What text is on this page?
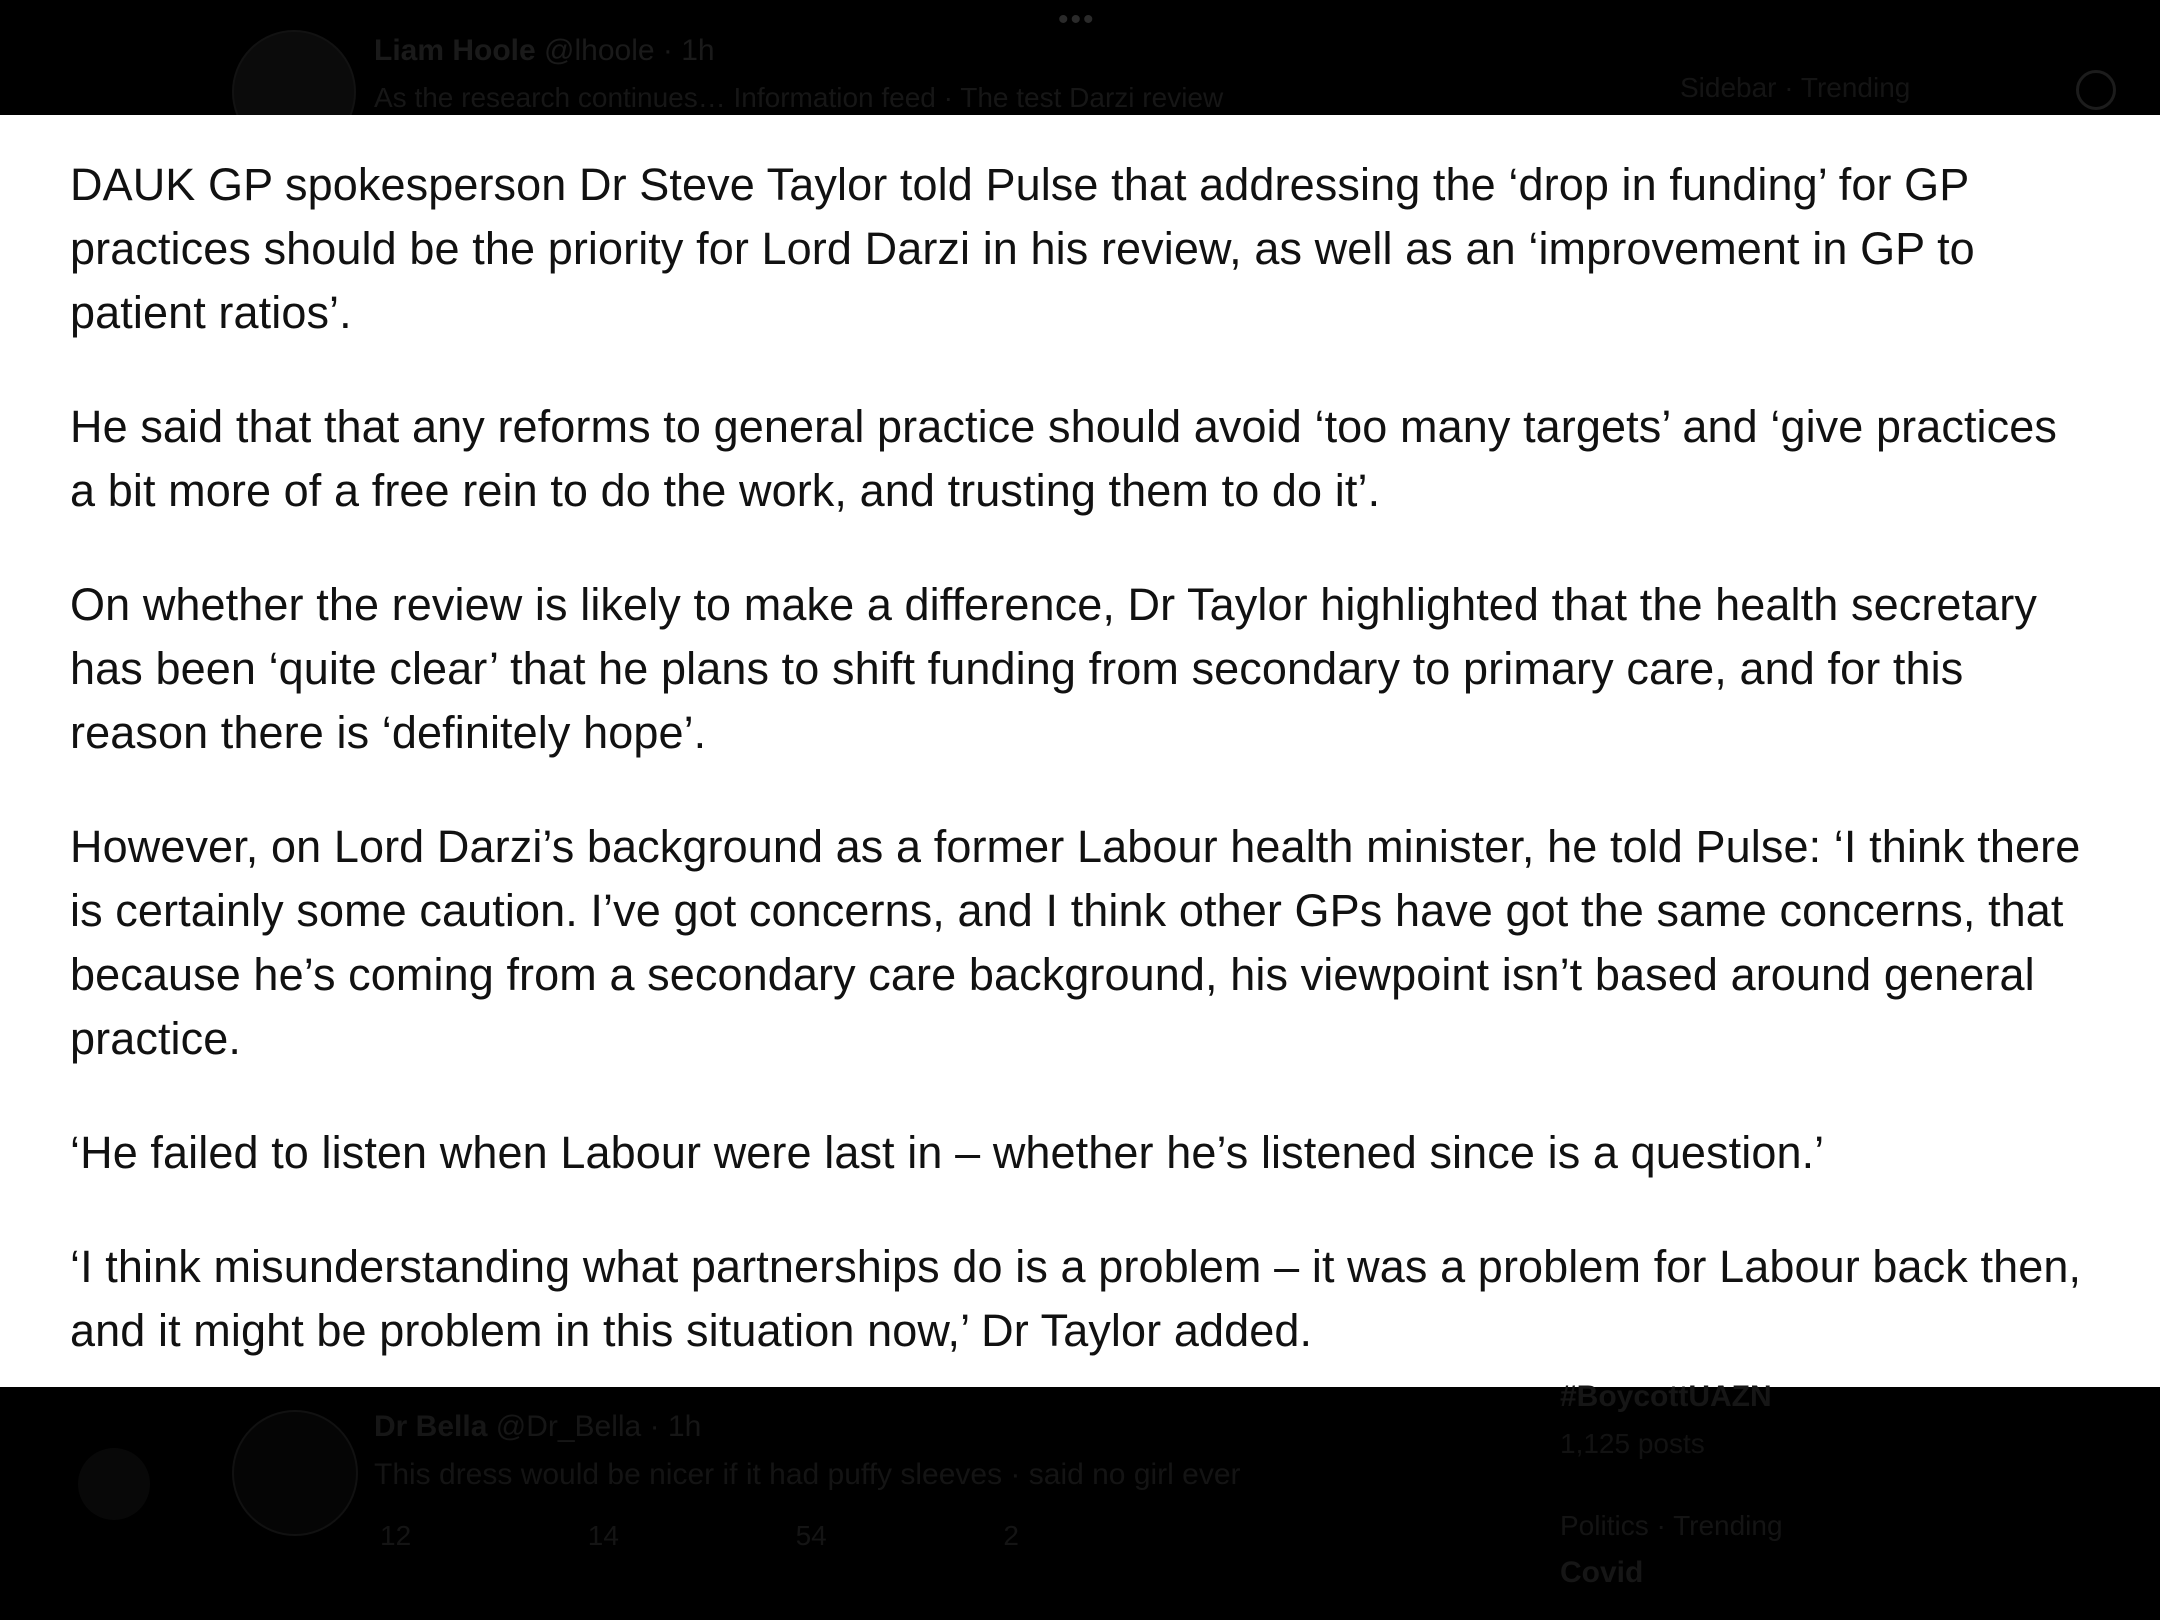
•••
Liam Hoole @lhoole · 1h
As the research continues… Information feed · The test Darzi review	Sidebar · Trending

DAUK GP spokesperson Dr Steve Taylor told Pulse that addressing the ‘drop in funding’ for GP practices should be the priority for Lord Darzi in his review, as well as an ‘improvement in GP to patient ratios’.

He said that that any reforms to general practice should avoid ‘too many targets’ and ‘give practices a bit more of a free rein to do the work, and trusting them to do it’.

On whether the review is likely to make a difference, Dr Taylor highlighted that the health secretary has been ‘quite clear’ that he plans to shift funding from secondary to primary care, and for this reason there is ‘definitely hope’.

However, on Lord Darzi’s background as a former Labour health minister, he told Pulse: ‘I think there is certainly some caution. I’ve got concerns, and I think other GPs have got the same concerns, that because he’s coming from a secondary care background, his viewpoint isn’t based around general practice.

‘He failed to listen when Labour were last in – whether he’s listened since is a question.’

‘I think misunderstanding what partnerships do is a problem – it was a problem for Labour back then, and it might be problem in this situation now,’ Dr Taylor added.

Dr Bella @Dr_Bella · 1h
This dress would be nicer if it had puffy sleeves · said no girl ever
12	14	54	2
#BoycottUAZN
1,125 posts
Politics · Trending
Covid
